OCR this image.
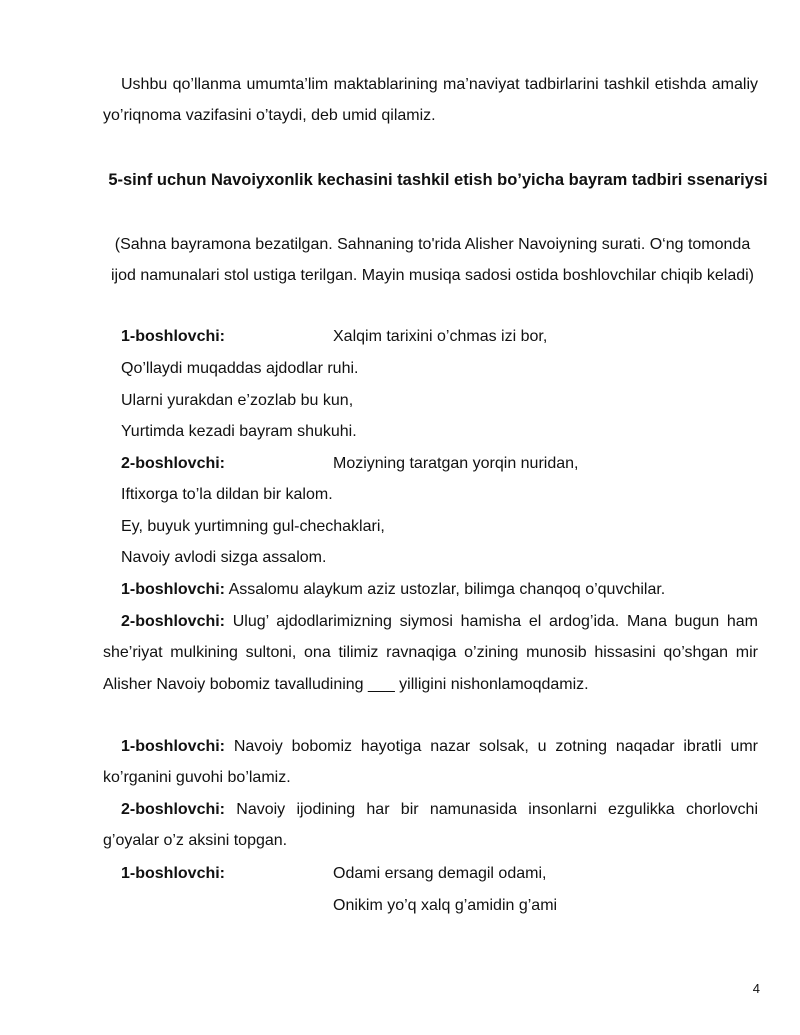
Ushbu qo’llanma umumta’lim maktablarining ma’naviyat tadbirlarini tashkil etishda amaliy yo’riqnoma vazifasini o’taydi, deb umid qilamiz.

5-sinf uchun Navoiyxonlik kechasini tashkil etish bo’yicha bayram tadbiri ssenariysi

(Sahna bayramona bezatilgan. Sahnaning to'rida Alisher Navoiyning surati. O‘ng tomonda ijod namunalari stol ustiga terilgan. Mayin musiqa sadosi ostida boshlovchilar chiqib keladi)

1-boshlovchi:	Xalqim tarixini o’chmas izi bor,
Qo’llaydi muqaddas ajdodlar ruhi.
Ularni yurakdan e’zozlab bu kun,
Yurtimda kezadi bayram shukuhi.
2-boshlovchi:	Moziyning taratgan yorqin nuridan,
Iftixorga to’la dildan bir kalom.
Ey, buyuk yurtimning gul-chechaklari,
Navoiy avlodi sizga assalom.

1-boshlovchi: Assalomu alaykum aziz ustozlar, bilimga chanqoq o’quvchilar.

2-boshlovchi: Ulug’ ajdodlarimizning siymosi hamisha el ardog’ida. Mana bugun ham she’riyat mulkining sultoni, ona tilimiz ravnaqiga o’zining munosib hissasini qo’shgan mir Alisher Navoiy bobomiz tavalludining ___ yilligini nishonlamoqdamiz.

1-boshlovchi: Navoiy bobomiz hayotiga nazar solsak, u zotning naqadar ibratli umr ko’rganini guvohi bo’lamiz.

2-boshlovchi: Navoiy ijodining har bir namunasida insonlarni ezgulikka chorlovchi g’oyalar o’z aksini topgan.

1-boshlovchi:	Odami ersang demagil odami,
Onikim yo’q xalq g’amidin g’ami
4
